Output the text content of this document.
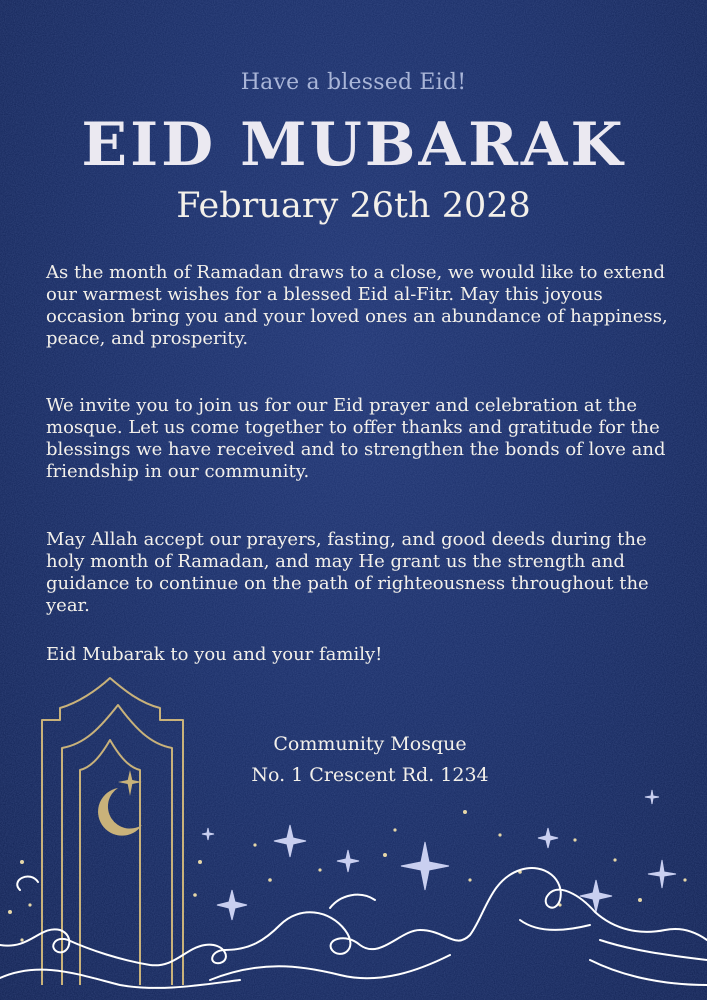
Have a blessed Eid!
EID MUBARAK
February 26th 2028

As the month of Ramadan draws to a close, we would like to extend our warmest wishes for a blessed Eid al-Fitr. May this joyous occasion bring you and your loved ones an abundance of happiness, peace, and prosperity.

We invite you to join us for our Eid prayer and celebration at the mosque. Let us come together to offer thanks and gratitude for the blessings we have received and to strengthen the bonds of love and friendship in our community.

May Allah accept our prayers, fasting, and good deeds during the holy month of Ramadan, and may He grant us the strength and guidance to continue on the path of righteousness throughout the year.

Eid Mubarak to you and your family!
Community Mosque
No. 1 Crescent Rd. 1234
